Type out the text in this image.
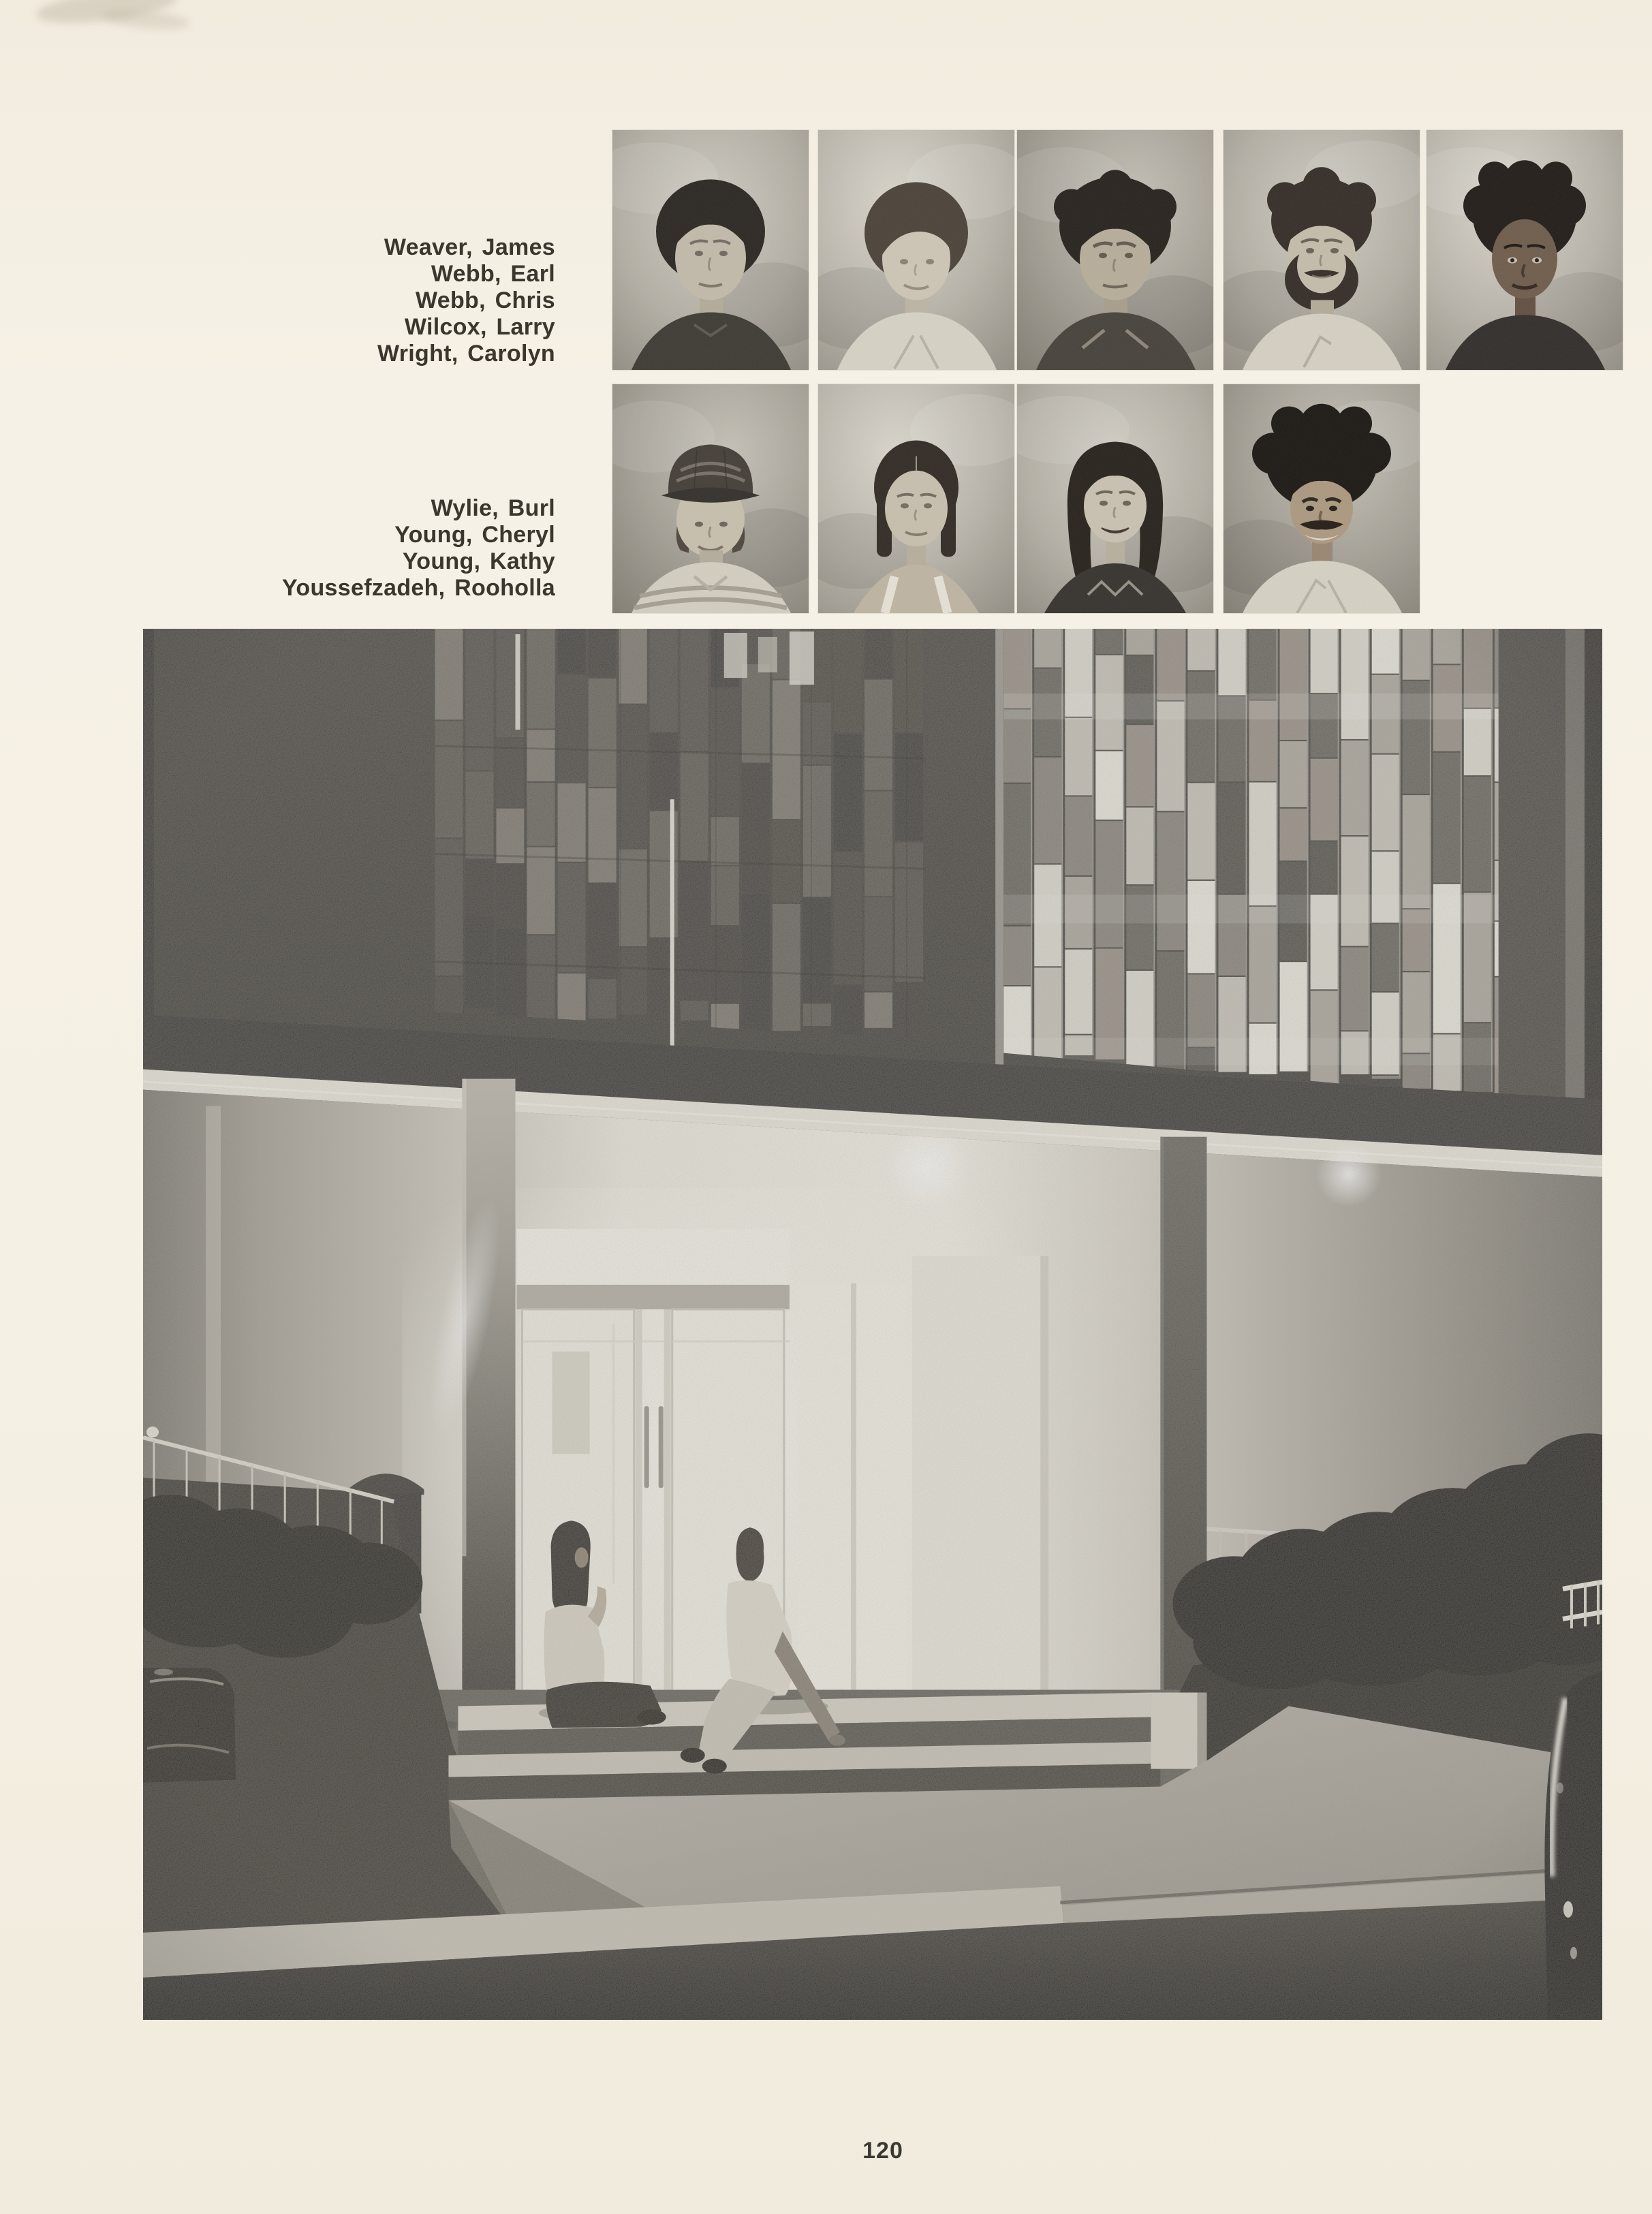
Weaver, James
Webb, Earl
Webb, Chris
Wilcox, Larry
Wright, Carolyn
Wylie, Burl
Young, Cheryl
Young, Kathy
Youssefzadeh, Rooholla
120
